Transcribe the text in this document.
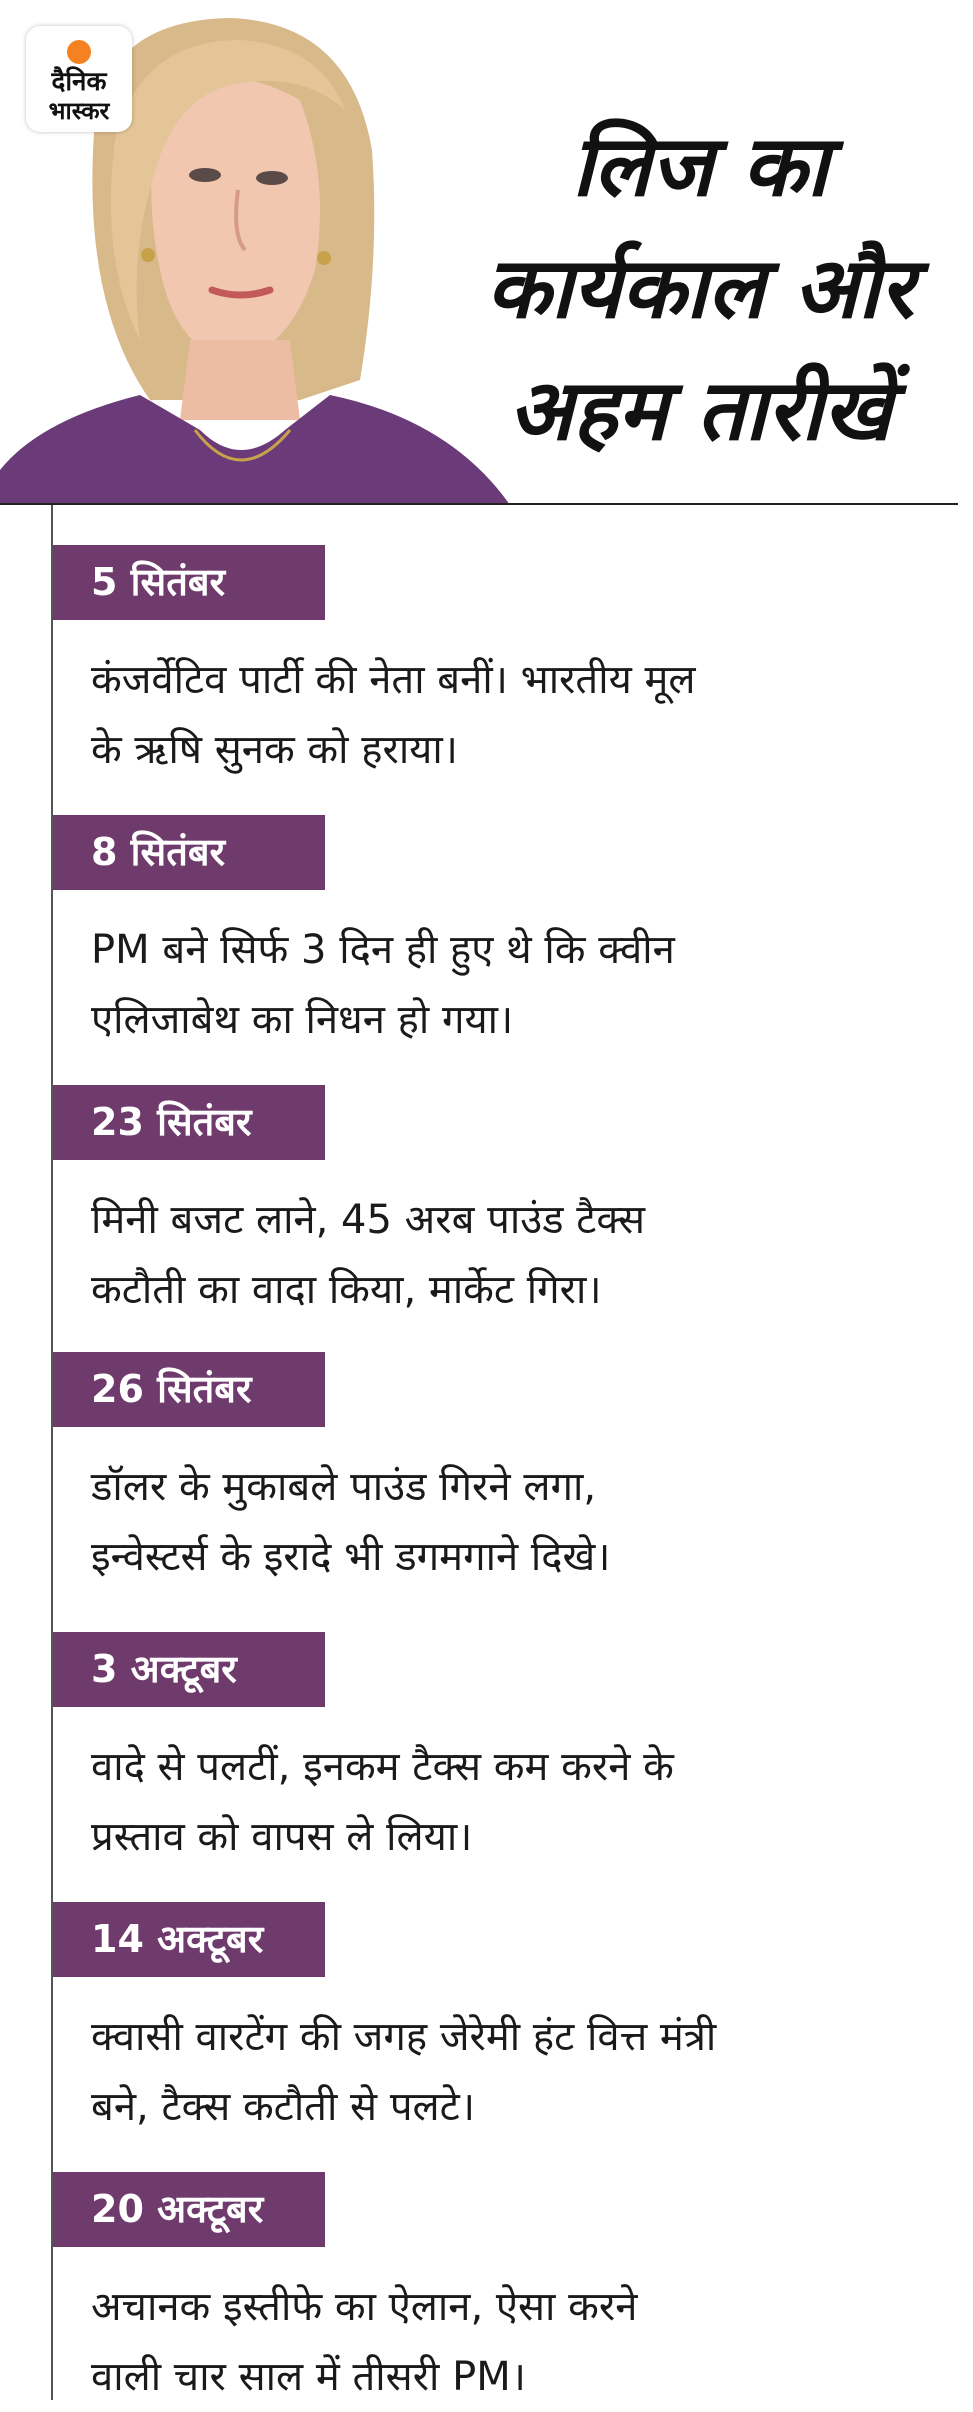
दैनिक
भास्कर
लिज का
कार्यकाल और
अहम तारीखें
5 सितंबर
कंजर्वेटिव पार्टी की नेता बनीं। भारतीय मूल
के ऋषि सुनक को हराया।
8 सितंबर
PM बने सिर्फ 3 दिन ही हुए थे कि क्वीन
एलिजाबेथ का निधन हो गया।
23 सितंबर
मिनी बजट लाने, 45 अरब पाउंड टैक्स
कटौती का वादा किया, मार्केट गिरा।
26 सितंबर
डॉलर के मुकाबले पाउंड गिरने लगा,
इन्वेस्टर्स के इरादे भी डगमगाने दिखे।
3 अक्टूबर
वादे से पलटीं, इनकम टैक्स कम करने के
प्रस्ताव को वापस ले लिया।
14 अक्टूबर
क्वासी वारटेंग की जगह जेरेमी हंट वित्त मंत्री
बने, टैक्स कटौती से पलटे।
20 अक्टूबर
अचानक इस्तीफे का ऐलान, ऐसा करने
वाली चार साल में तीसरी PM।
